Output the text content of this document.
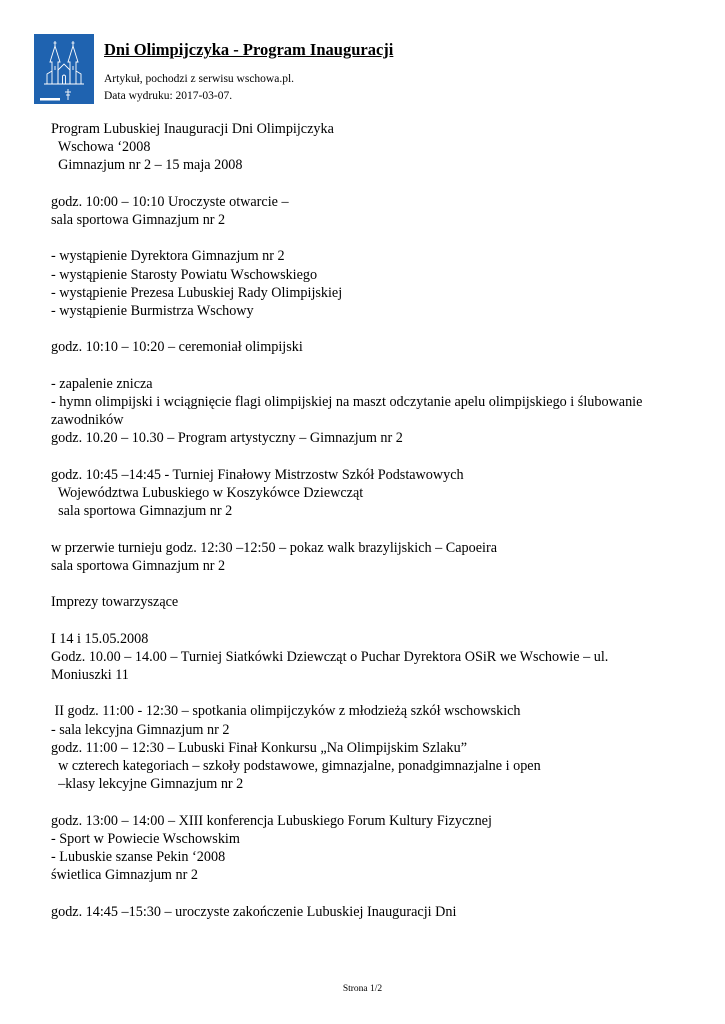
Dni Olimpijczyka - Program Inauguracji
Artykuł, pochodzi z serwisu wschowa.pl.
Data wydruku: 2017-03-07.
Program Lubuskiej Inauguracji Dni Olimpijczyka
Wschowa ‘2008
Gimnazjum nr 2 – 15 maja 2008
godz. 10:00 – 10:10 Uroczyste otwarcie –
sala sportowa Gimnazjum nr 2
- wystąpienie Dyrektora Gimnazjum nr 2
- wystąpienie Starosty Powiatu Wschowskiego
- wystąpienie Prezesa Lubuskiej Rady Olimpijskiej
- wystąpienie Burmistrza Wschowy
godz. 10:10 – 10:20 – ceremoniał olimpijski
- zapalenie znicza
- hymn olimpijski i wciągnięcie flagi olimpijskiej na maszt odczytanie apelu olimpijskiego i ślubowanie
zawodników
godz. 10.20 – 10.30 – Program artystyczny – Gimnazjum nr 2
godz. 10:45 –14:45 - Turniej Finałowy Mistrzostw Szkół Podstawowych
Województwa Lubuskiego w Koszykówce Dziewcząt
sala sportowa Gimnazjum nr 2
w przerwie turnieju godz. 12:30 –12:50 – pokaz walk brazylijskich – Capoeira
sala sportowa Gimnazjum nr 2
Imprezy towarzyszące
I 14 i 15.05.2008
Godz. 10.00 – 14.00 – Turniej Siatkówki Dziewcząt o Puchar Dyrektora OSiR we Wschowie – ul.
Moniuszki 11
II godz. 11:00 - 12:30 – spotkania olimpijczyków z młodzieżą szkół wschowskich
- sala lekcyjna Gimnazjum nr 2
godz. 11:00 – 12:30 – Lubuski Finał Konkursu „Na Olimpijskim Szlaku”
w czterech kategoriach – szkoły podstawowe, gimnazjalne, ponadgimnazjalne i open
–klasy lekcyjne Gimnazjum nr 2
godz. 13:00 – 14:00 – XIII konferencja Lubuskiego Forum Kultury Fizycznej
- Sport w Powiecie Wschowskim
- Lubuskie szanse Pekin ‘2008
świetlica Gimnazjum nr 2
godz. 14:45 –15:30 – uroczyste zakończenie Lubuskiej Inauguracji Dni
Strona 1/2
